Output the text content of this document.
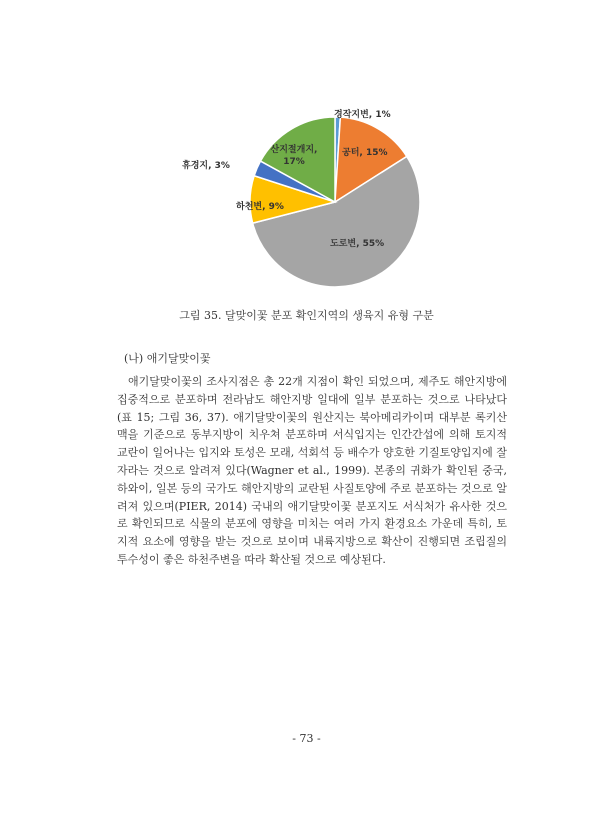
경작지변, 1%
공터, 15%
도로변, 55%
하천변, 9%
휴경지, 3%
산지절개지,
17%
그림 35. 달맞이꽃 분포 확인지역의 생육지 유형 구분
(나) 애기달맞이꽃

애기달맞이꽃의 조사지점은 총 22개 지점이 확인 되었으며, 제주도 해안지방에 집중적으로 분포하며 전라남도 해안지방 일대에 일부 분포하는 것으로 나타났다(표 15; 그림 36, 37). 애기달맞이꽃의 원산지는 북아메리카이며 대부분 록키산맥을 기준으로 동부지방이 치우쳐 분포하며 서식입지는 인간간섭에 의해 토지적 교란이 일어나는 입지와 토성은 모래, 석회석 등 배수가 양호한 기질토양입지에 잘 자라는 것으로 알려져 있다(Wagner et al., 1999). 본종의 귀화가 확인된 중국, 하와이, 일본 등의 국가도 해안지방의 교란된 사질토양에 주로 분포하는 것으로 알려져 있으며(PIER, 2014) 국내의 애기달맞이꽃 분포지도 서식처가 유사한 것으로 확인되므로 식물의 분포에 영향을 미치는 여러 가지 환경요소 가운데 특히, 토지적 요소에 영향을 받는 것으로 보이며 내륙지방으로 확산이 진행되면 조립질의 투수성이 좋은 하천주변을 따라 확산될 것으로 예상된다.

- 73 -
